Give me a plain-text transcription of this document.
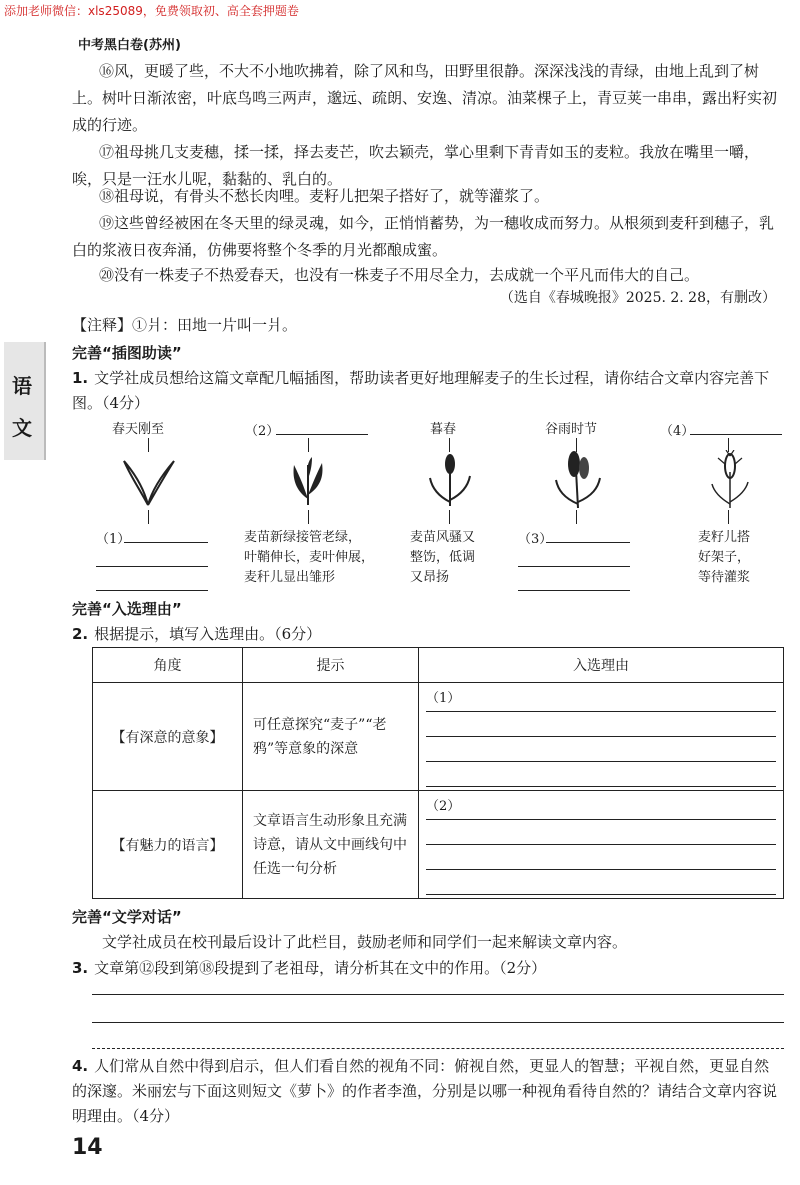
添加老师微信：xls25089，免费领取初、高全套押题卷
中考黑白卷(苏州)
语
文
⑯风，更暖了些，不大不小地吹拂着，除了风和鸟，田野里很静。深深浅浅的青绿，由地上乱到了树上。树叶日渐浓密，叶底鸟鸣三两声，邈远、疏朗、安逸、清凉。油菜棵子上，青豆荚一串串，露出籽实初成的行迹。
⑰祖母挑几支麦穗，揉一揉，择去麦芒，吹去颖壳，掌心里剩下青青如玉的麦粒。我放在嘴里一嚼，唉，只是一汪水儿呢，黏黏的、乳白的。
⑱祖母说，有骨头不愁长肉哩。麦籽儿把架子搭好了，就等灌浆了。
⑲这些曾经被困在冬天里的绿灵魂，如今，正悄悄蓄势，为一穗收成而努力。从根须到麦秆到穗子，乳白的浆液日夜奔涌，仿佛要将整个冬季的月光都酿成蜜。
⑳没有一株麦子不热爱春天，也没有一株麦子不用尽全力，去成就一个平凡而伟大的自己。
（选自《春城晚报》2025. 2. 28，有删改）
【注释】①爿：田地一片叫一爿。
完善“插图助读”
1. 文学社成员想给这篇文章配几幅插图，帮助读者更好地理解麦子的生长过程，请你结合文章内容完善下图。（4分）
春天刚至	（2）	暮春	谷雨时节	（4）
（1）	麦苗新绿接管老绿，
叶鞘伸长，麦叶伸展，
麦秆儿显出雏形
麦苗风骚又
整饬，低调
又昂扬
（3）	麦籽儿搭
好架子，
等待灌浆
完善“入选理由”
2. 根据提示，填写入选理由。（6分）
角度	提示	入选理由
【有深意的意象】	可任意探究“麦子”“老鸦”等意象的深意	（1）

【有魅力的语言】	文章语言生动形象且充满诗意，请从文中画线句中任选一句分析	（2）
完善“文学对话”
文学社成员在校刊最后设计了此栏目，鼓励老师和同学们一起来解读文章内容。
3. 文章第⑫段到第⑱段提到了老祖母，请分析其在文中的作用。（2分）
4. 人们常从自然中得到启示，但人们看自然的视角不同：俯视自然，更显人的智慧；平视自然，更显自然的深邃。米丽宏与下面这则短文《萝卜》的作者李渔，分别是以哪一种视角看待自然的？请结合文章内容说明理由。（4分）
14
